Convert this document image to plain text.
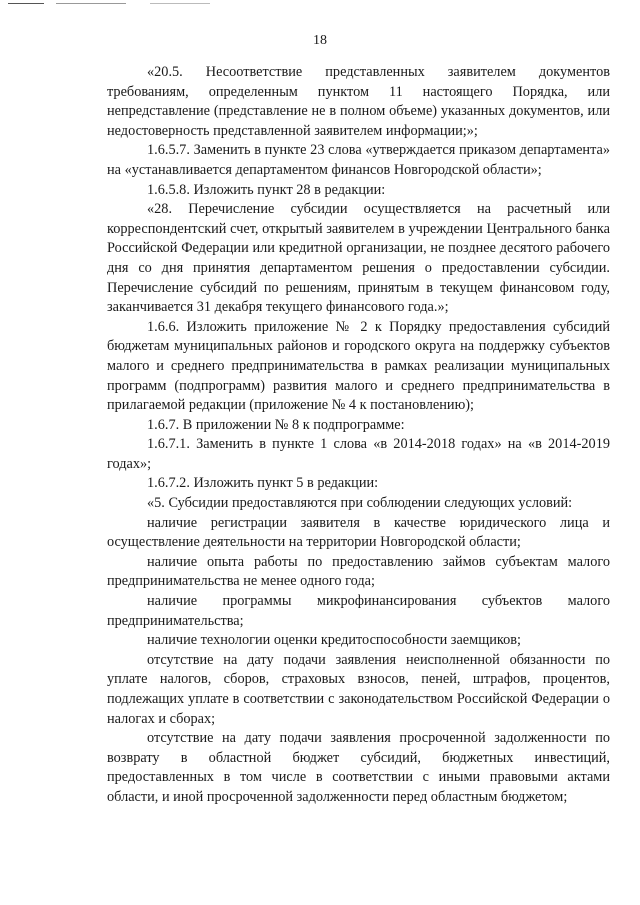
18

«20.5. Несоответствие представленных заявителем документов требованиям, определенным пунктом 11 настоящего Порядка, или непредставление (представление не в полном объеме) указанных документов, или недостоверность представленной заявителем информации;»;

1.6.5.7. Заменить в пункте 23 слова «утверждается приказом департамента» на «устанавливается департаментом финансов Новгородской области»;

1.6.5.8. Изложить пункт 28 в редакции:

«28. Перечисление субсидии осуществляется на расчетный или корреспондентский счет, открытый заявителем в учреждении Центрального банка Российской Федерации или кредитной организации, не позднее десятого рабочего дня со дня принятия департаментом решения о предоставлении субсидии. Перечисление субсидий по решениям, принятым в текущем финансовом году, заканчивается 31 декабря текущего финансового года.»;

1.6.6. Изложить приложение № 2 к Порядку предоставления субсидий бюджетам муниципальных районов и городского округа на поддержку субъектов малого и среднего предпринимательства в рамках реализации муниципальных программ (подпрограмм) развития малого и среднего предпринимательства в прилагаемой редакции (приложение № 4 к постановлению);

1.6.7. В приложении № 8 к подпрограмме:

1.6.7.1. Заменить в пункте 1 слова «в 2014-2018 годах» на «в 2014-2019 годах»;

1.6.7.2. Изложить пункт 5 в редакции:

«5. Субсидии предоставляются при соблюдении следующих условий:

наличие регистрации заявителя в качестве юридического лица и осуществление деятельности на территории Новгородской области;

наличие опыта работы по предоставлению займов субъектам малого предпринимательства не менее одного года;

наличие программы микрофинансирования субъектов малого предпринимательства;

наличие технологии оценки кредитоспособности заемщиков;

отсутствие на дату подачи заявления неисполненной обязанности по уплате налогов, сборов, страховых взносов, пеней, штрафов, процентов, подлежащих уплате в соответствии с законодательством Российской Федерации о налогах и сборах;

отсутствие на дату подачи заявления просроченной задолженности по возврату в областной бюджет субсидий, бюджетных инвестиций, предоставленных в том числе в соответствии с иными правовыми актами области, и иной просроченной задолженности перед областным бюджетом;
